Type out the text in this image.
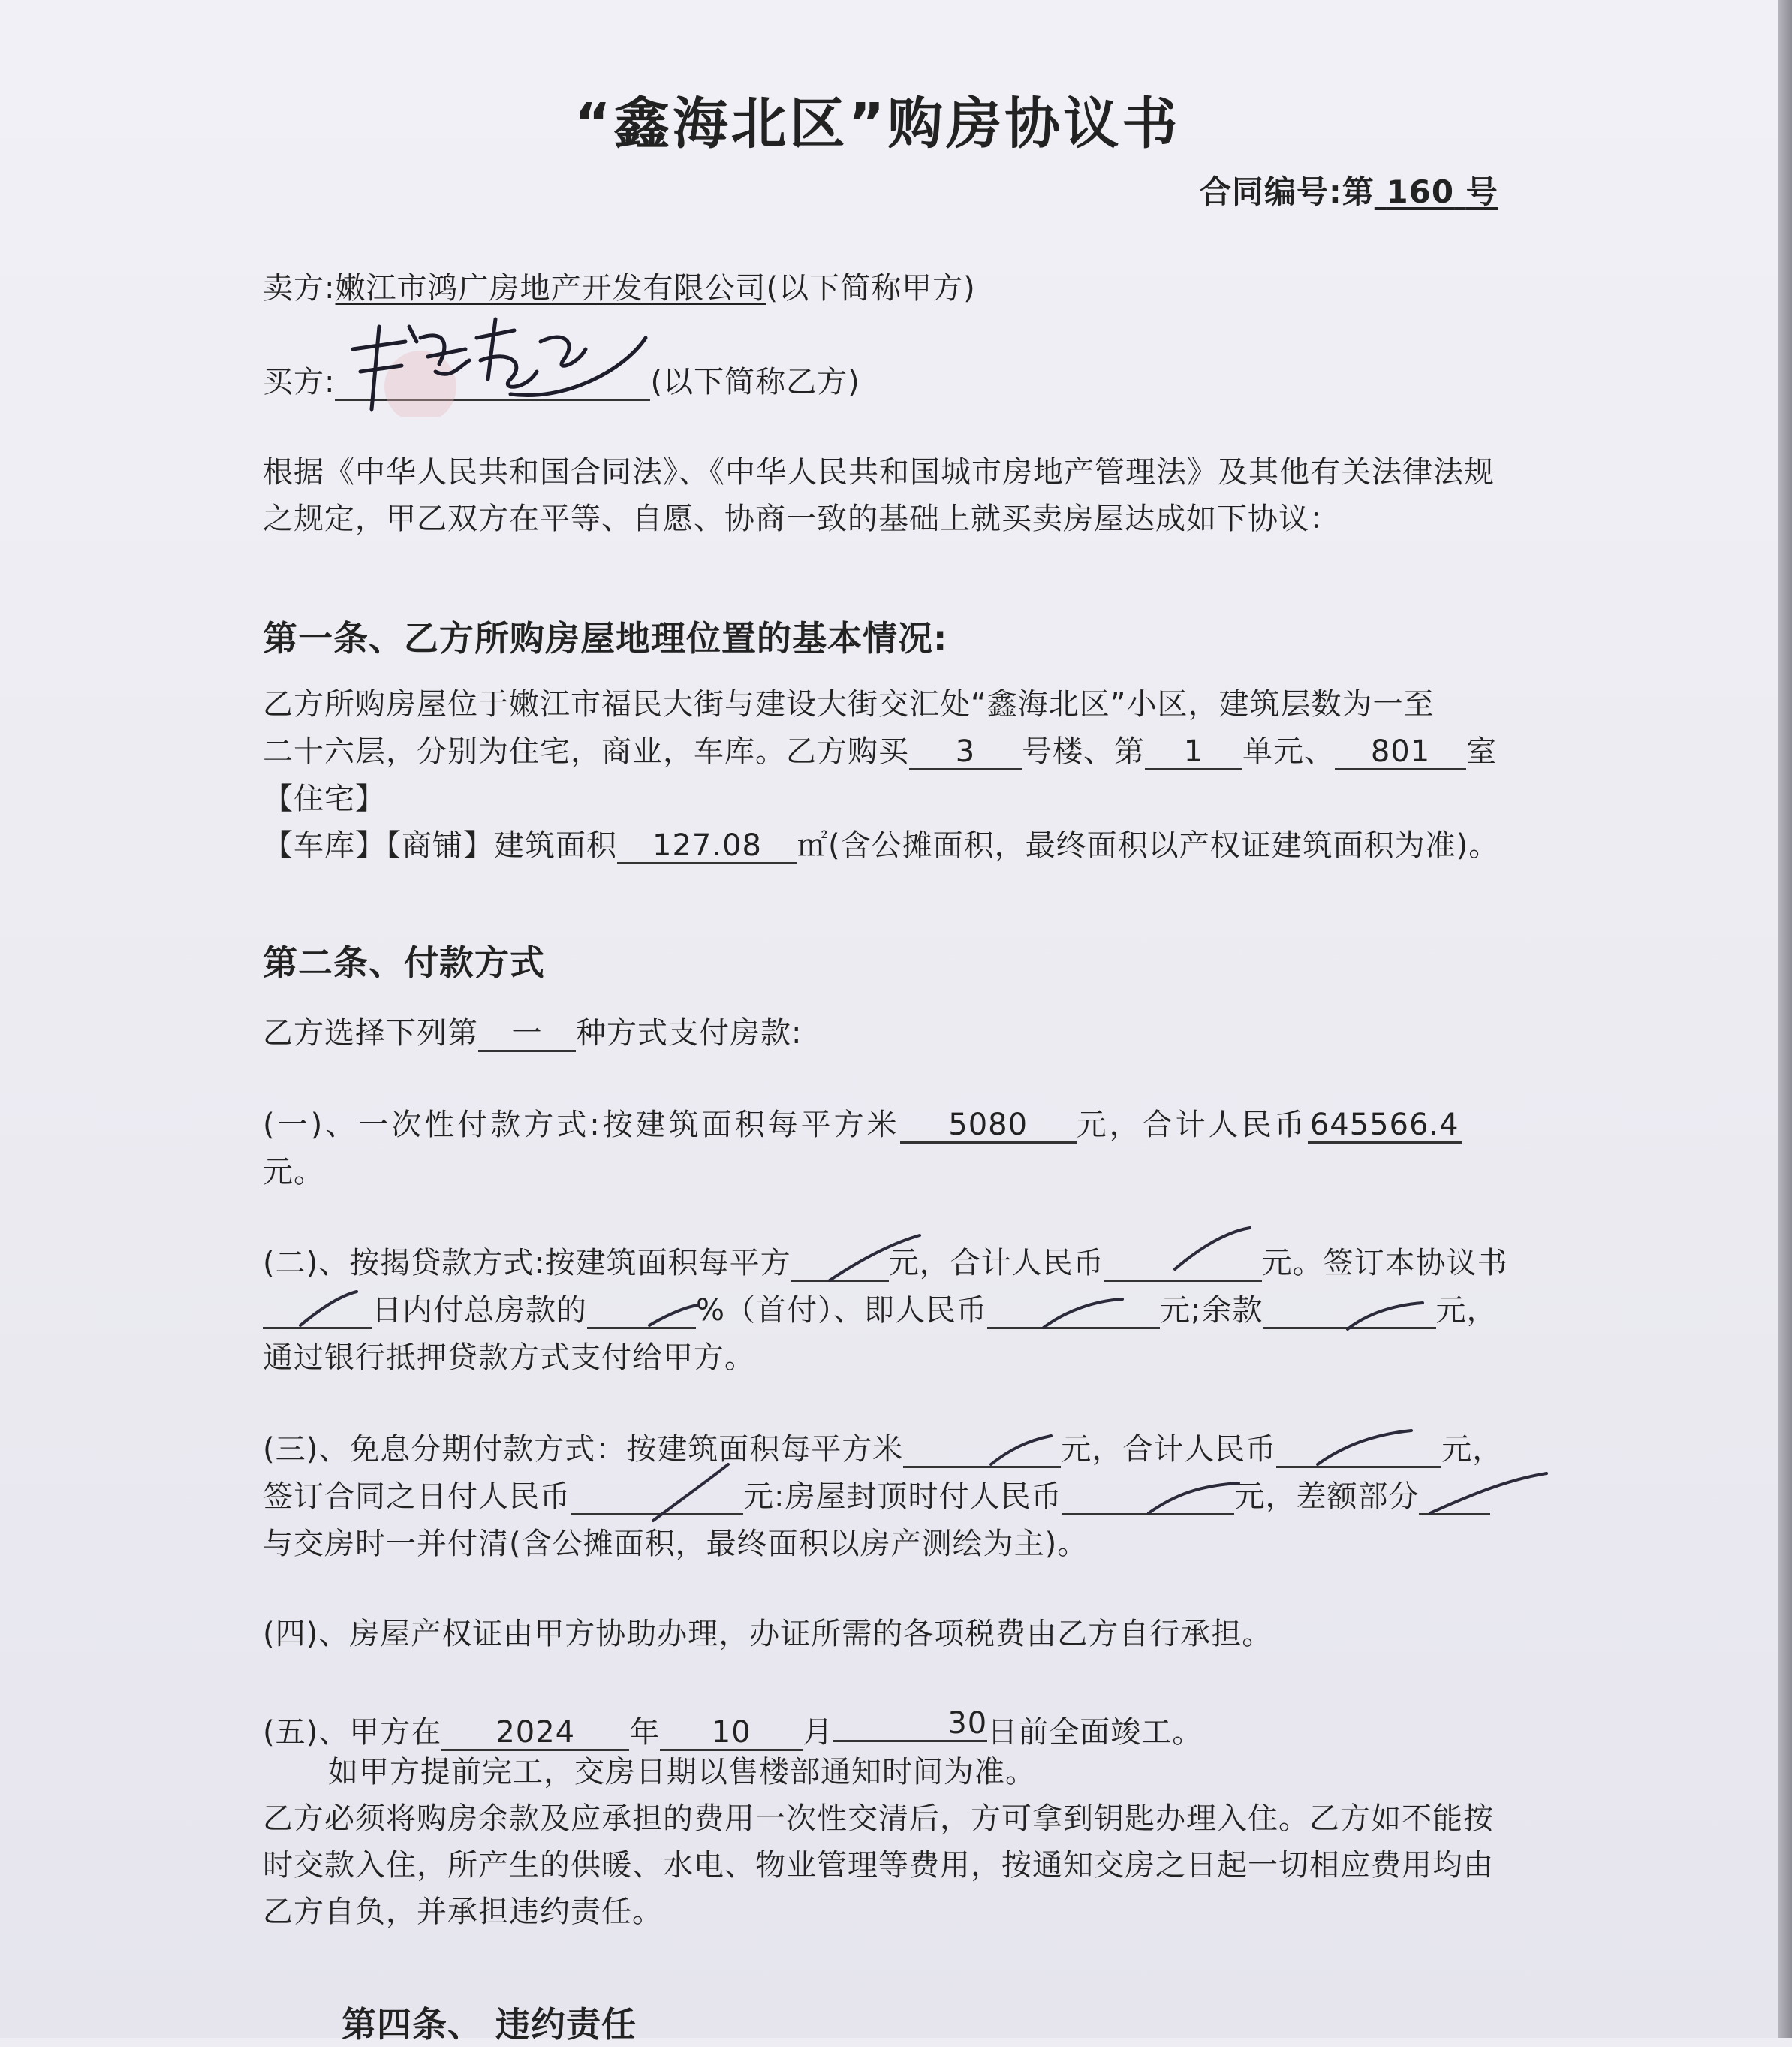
“鑫海北区”购房协议书
合同编号:第 160 号
卖方:嫩江市鸿广房地产开发有限公司(以下简称甲方)
买方:	(以下简称乙方)
根据《中华人民共和国合同法》、《中华人民共和国城市房地产管理法》及其他有关法律法规
之规定，甲乙双方在平等、自愿、协商一致的基础上就买卖房屋达成如下协议：
第一条、乙方所购房屋地理位置的基本情况:
乙方所购房屋位于嫩江市福民大街与建设大街交汇处“鑫海北区”小区，建筑层数为一至
二十六层，分别为住宅，商业，车库。乙方购买 3 号楼、第 1 单元、 801 室
【住宅】
【车库】【商铺】建筑面积 127.08 ㎡(含公摊面积，最终面积以产权证建筑面积为准)。
第二条、付款方式
乙方选择下列第 一 种方式支付房款:
(一)、一次性付款方式:按建筑面积每平方米 5080 元，合计人民币645566.4
元。
(二)、按揭贷款方式:按建筑面积每平方	元，合计人民币	元。签订本协议书
日内付总房款的	%（首付）、即人民币	元;余款	元，
通过银行抵押贷款方式支付给甲方。
(三)、免息分期付款方式：按建筑面积每平方米	元，合计人民币	元，
签订合同之日付人民币	元:房屋封顶时付人民币	元，差额部分
与交房时一并付清(含公摊面积，最终面积以房产测绘为主)。
(四)、房屋产权证由甲方协助办理，办证所需的各项税费由乙方自行承担。
(五)、甲方在 2024 年 10 月	30 日前全面竣工。
如甲方提前完工，交房日期以售楼部通知时间为准。
乙方必须将购房余款及应承担的费用一次性交清后，方可拿到钥匙办理入住。乙方如不能按
时交款入住，所产生的供暖、水电、物业管理等费用，按通知交房之日起一切相应费用均由
乙方自负，并承担违约责任。
第四条、 违约责任
